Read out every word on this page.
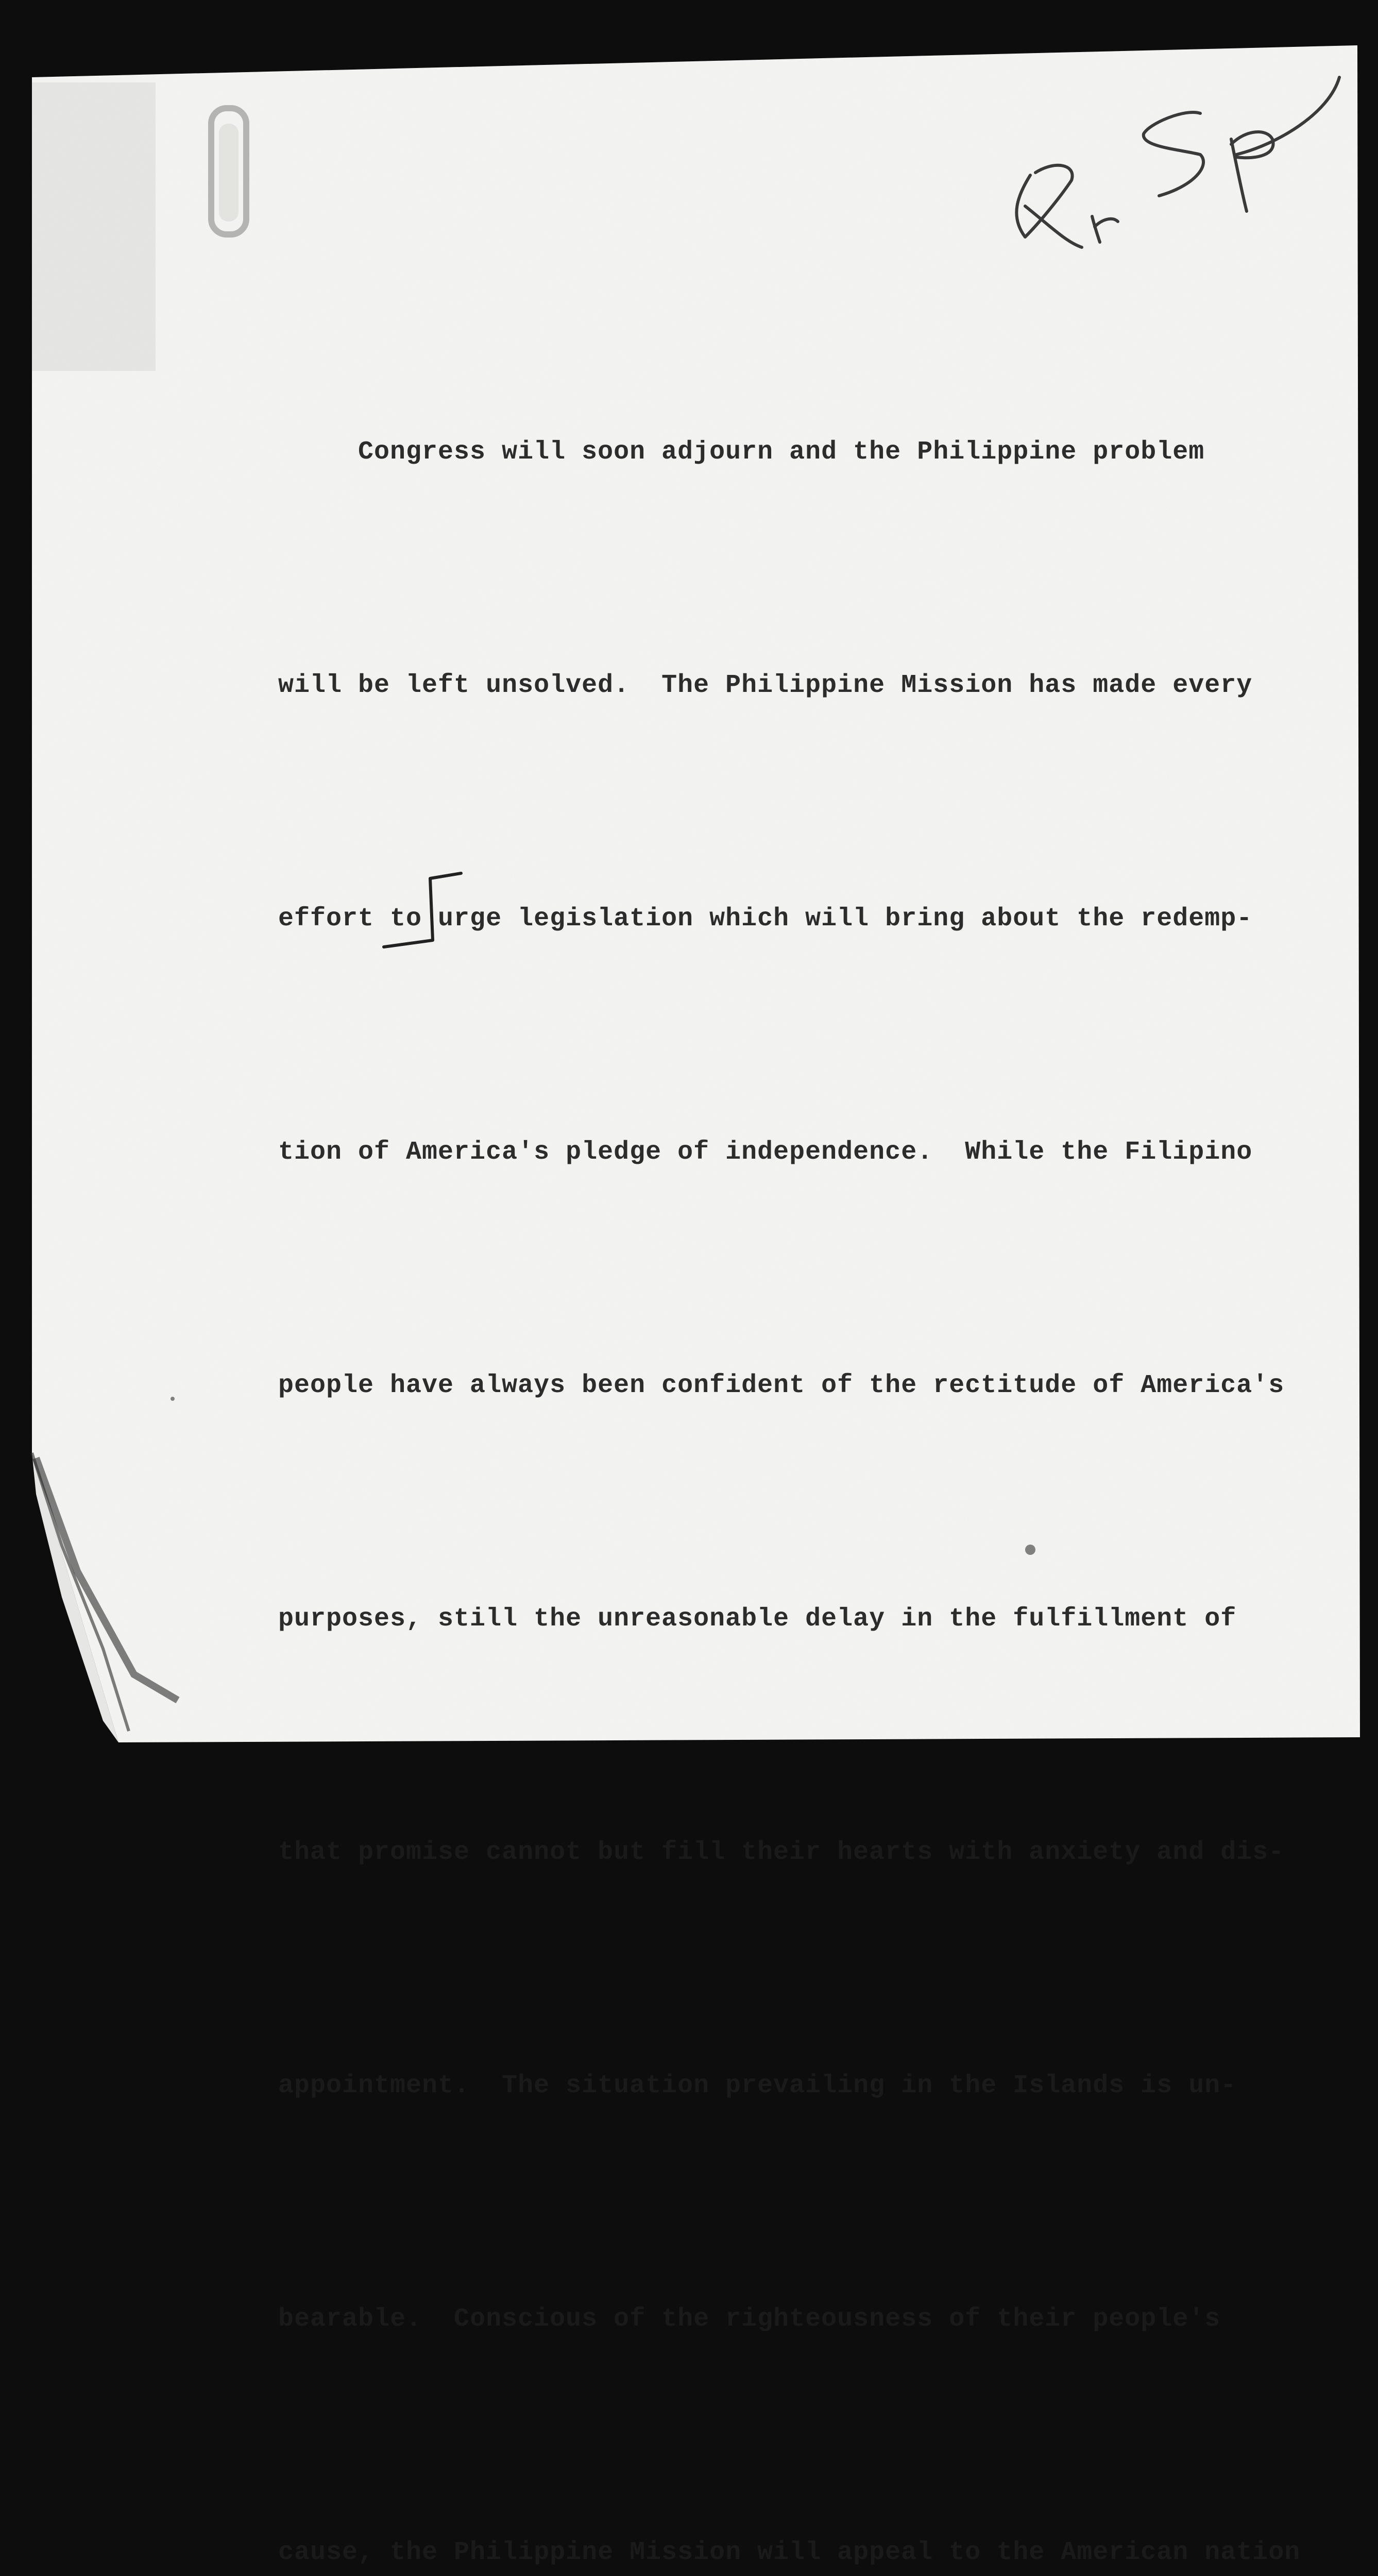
Congress will soon adjourn and the Philippine problem

will be left unsolved.  The Philippine Mission has made every

effort to urge legislation which will bring about the redemp-

tion of America's pledge of independence.  While the Filipino

people have always been confident of the rectitude of America's

purposes, still the unreasonable delay in the fulfillment of

that promise cannot but fill their hearts with anxiety and dis-

appointment.  The situation prevailing in the Islands is un-

bearable.  Conscious of the righteousness of their people's

cause, the Philippine Mission will appeal to the American nation
